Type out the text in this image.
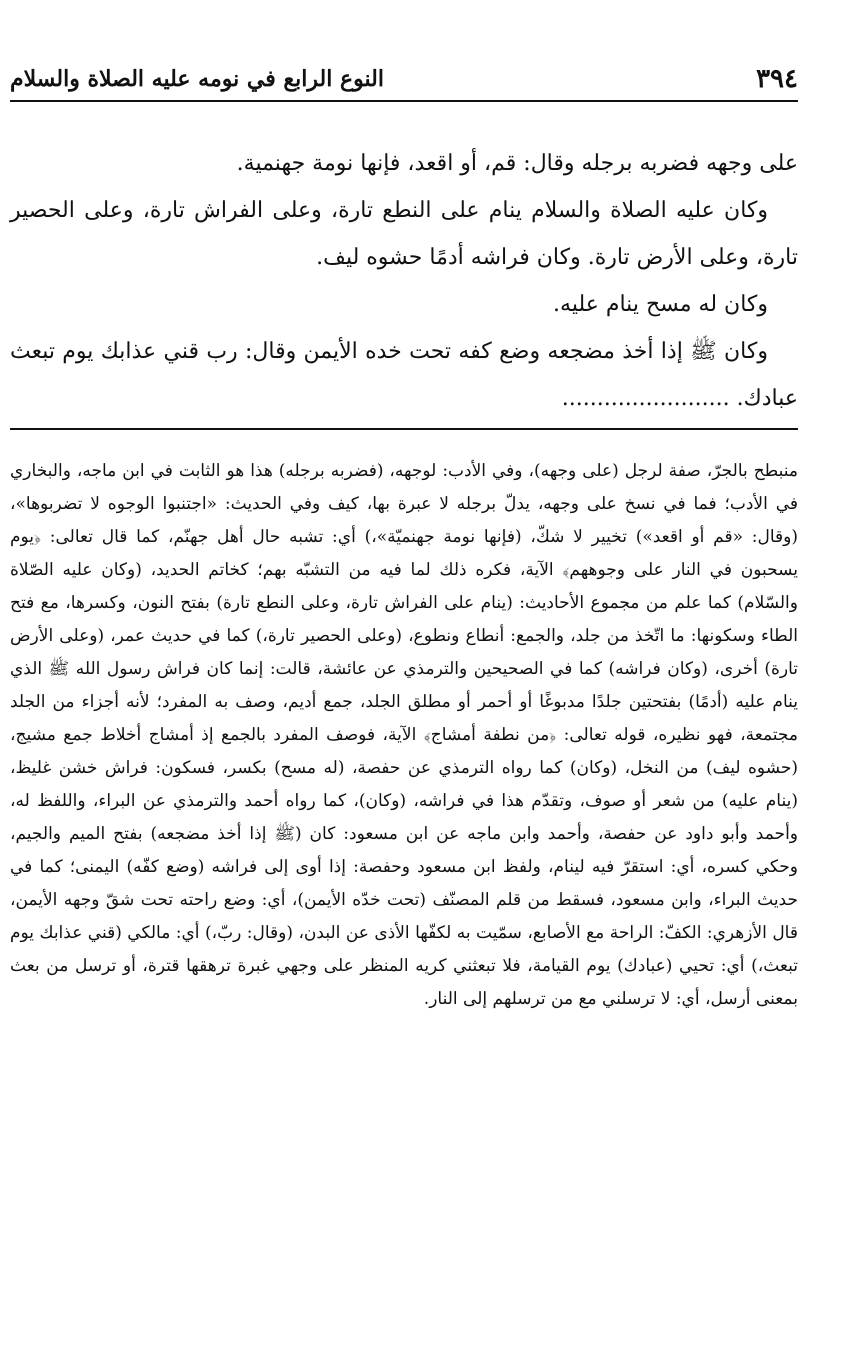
٣٩٤
النوع الرابع في نومه عليه الصلاة والسلام

على وجهه فضربه برجله وقال: قم، أو اقعد، فإنها نومة جهنمية.

وكان عليه الصلاة والسلام ينام على النطع تارة، وعلى الفراش تارة، وعلى الحصير تارة، وعلى الأرض تارة. وكان فراشه أدمًا حشوه ليف.

وكان له مسح ينام عليه.

وكان ﷺ إذا أخذ مضجعه وضع كفه تحت خده الأيمن وقال: رب قني عذابك يوم تبعث عبادك. ........................

منبطح بالجرّ، صفة لرجل (على وجهه)، وفي الأدب: لوجهه، (فضربه برجله) هذا هو الثابت في ابن ماجه، والبخاري في الأدب؛ فما في نسخ على وجهه، يدلّ برجله لا عبرة بها، كيف وفي الحديث: «اجتنبوا الوجوه لا تضربوها»، (وقال: «قم أو اقعد») تخيير لا شكّ، (فإنها نومة جهنميّة»،) أي: تشبه حال أهل جهنّم، كما قال تعالى: ﴿يوم يسحبون في النار على وجوههم﴾ الآية، فكره ذلك لما فيه من التشبّه بهم؛ كخاتم الحديد، (وكان عليه الصّلاة والسّلام) كما علم من مجموع الأحاديث: (ينام على الفراش تارة، وعلى النطع تارة) بفتح النون، وكسرها، مع فتح الطاء وسكونها: ما اتّخذ من جلد، والجمع: أنطاع ونطوع، (وعلى الحصير تارة،) كما في حديث عمر، (وعلى الأرض تارة) أخرى، (وكان فراشه) كما في الصحيحين والترمذي عن عائشة، قالت: إنما كان فراش رسول الله ﷺ الذي ينام عليه (أدمًا) بفتحتين جلدًا مدبوغًا أو أحمر أو مطلق الجلد، جمع أديم، وصف به المفرد؛ لأنه أجزاء من الجلد مجتمعة، فهو نظيره، قوله تعالى: ﴿من نطفة أمشاج﴾ الآية، فوصف المفرد بالجمع إذ أمشاج أخلاط جمع مشيج، (حشوه ليف) من النخل، (وكان) كما رواه الترمذي عن حفصة، (له مسح) بكسر، فسكون: فراش خشن غليظ، (ينام عليه) من شعر أو صوف، وتقدّم هذا في فراشه، (وكان)، كما رواه أحمد والترمذي عن البراء، واللفظ له، وأحمد وأبو داود عن حفصة، وأحمد وابن ماجه عن ابن مسعود: كان (ﷺ إذا أخذ مضجعه) بفتح الميم والجيم، وحكي كسره، أي: استقرّ فيه لينام، ولفظ ابن مسعود وحفصة: إذا أوى إلى فراشه (وضع كفّه) اليمنى؛ كما في حديث البراء، وابن مسعود، فسقط من قلم المصنّف (تحت خدّه الأيمن)، أي: وضع راحته تحت شقّ وجهه الأيمن، قال الأزهري: الكفّ: الراحة مع الأصابع، سمّيت به لكفّها الأذى عن البدن، (وقال: ربّ،) أي: مالكي (قني عذابك يوم تبعث،) أي: تحيي (عبادك) يوم القيامة، فلا تبعثني كريه المنظر على وجهي غبرة ترهقها قترة، أو ترسل من بعث بمعنى أرسل، أي: لا ترسلني مع من ترسلهم إلى النار.
